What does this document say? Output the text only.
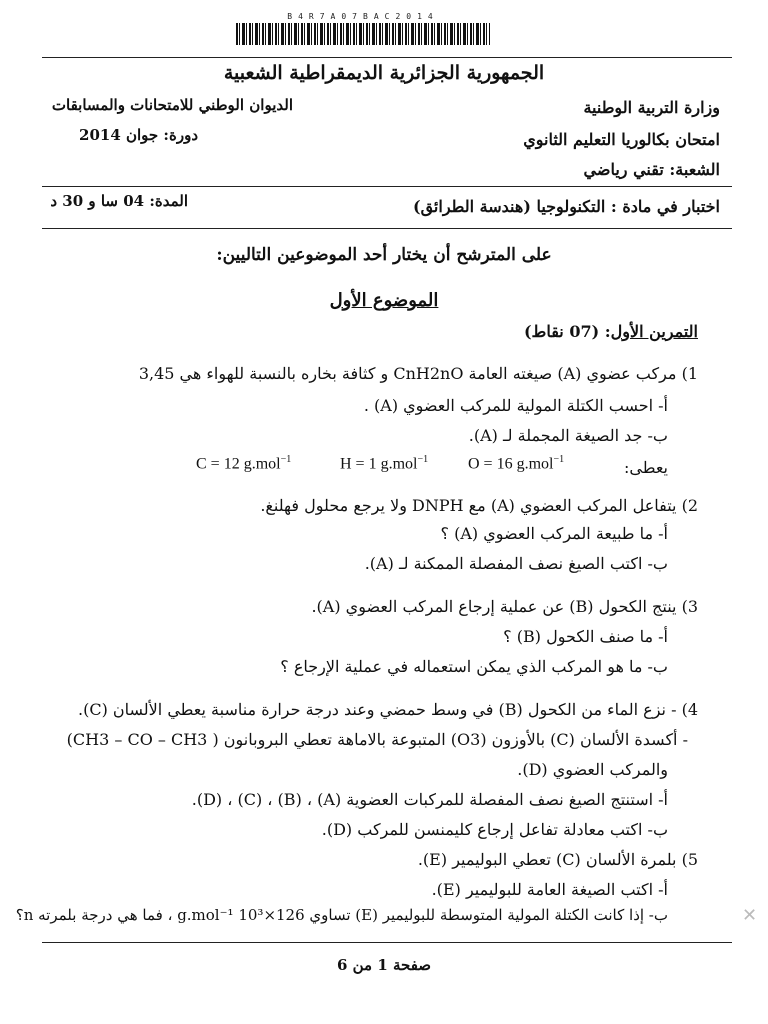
B4R7A07BAC2014
الجمهورية الجزائرية الديمقراطية الشعبية
وزارة التربية الوطنية
الديوان الوطني للامتحانات والمسابقات
امتحان بكالوريا التعليم الثانوي
دورة: جوان 2014
الشعبة: تقني رياضي
اختبار في مادة : التكنولوجيا (هندسة الطرائق)
المدة: 04 سا و 30 د
على المترشح أن يختار أحد الموضوعين التاليين:
الموضوع الأول
التمرين الأول: (07 نقاط)
1) مركب عضوي (A) صيغته العامة CnH2nO و كثافة بخاره بالنسبة للهواء هي 3,45
أ- احسب الكتلة المولية للمركب العضوي (A) .
ب- جد الصيغة المجملة لـ (A).
يعطى:
O = 16 g.mol$^{-1}$
H = 1 g.mol$^{-1}$
C = 12 g.mol$^{-1}$
2) يتفاعل المركب العضوي (A) مع DNPH ولا يرجع محلول فهلنغ.
أ- ما طبيعة المركب العضوي (A) ؟
ب- اكتب الصيغ نصف المفصلة الممكنة لـ (A).
3) ينتج الكحول (B) عن عملية إرجاع المركب العضوي (A).
أ- ما صنف الكحول (B) ؟
ب- ما هو المركب الذي يمكن استعماله في عملية الإرجاع ؟
4) - نزع الماء من الكحول (B) في وسط حمضي وعند درجة حرارة مناسبة يعطي الألسان (C).
- أكسدة الألسان (C) بالأوزون (O3) المتبوعة بالاماهة تعطي البروبانون ( CH3 – CO – CH3)
والمركب العضوي (D).
أ- استنتج الصيغ نصف المفصلة للمركبات العضوية (A) ، (B) ، (C) ، (D).
ب- اكتب معادلة تفاعل إرجاع كليمنسن للمركب (D).
5) بلمرة الألسان (C) تعطي البوليمير (E).
أ- اكتب الصيغة العامة للبوليمير (E).
ب- إذا كانت الكتلة المولية المتوسطة للبوليمير (E) تساوي 126×10³ g.mol⁻¹ ، فما هي درجة بلمرته n؟	✕
صفحة 1 من 6
